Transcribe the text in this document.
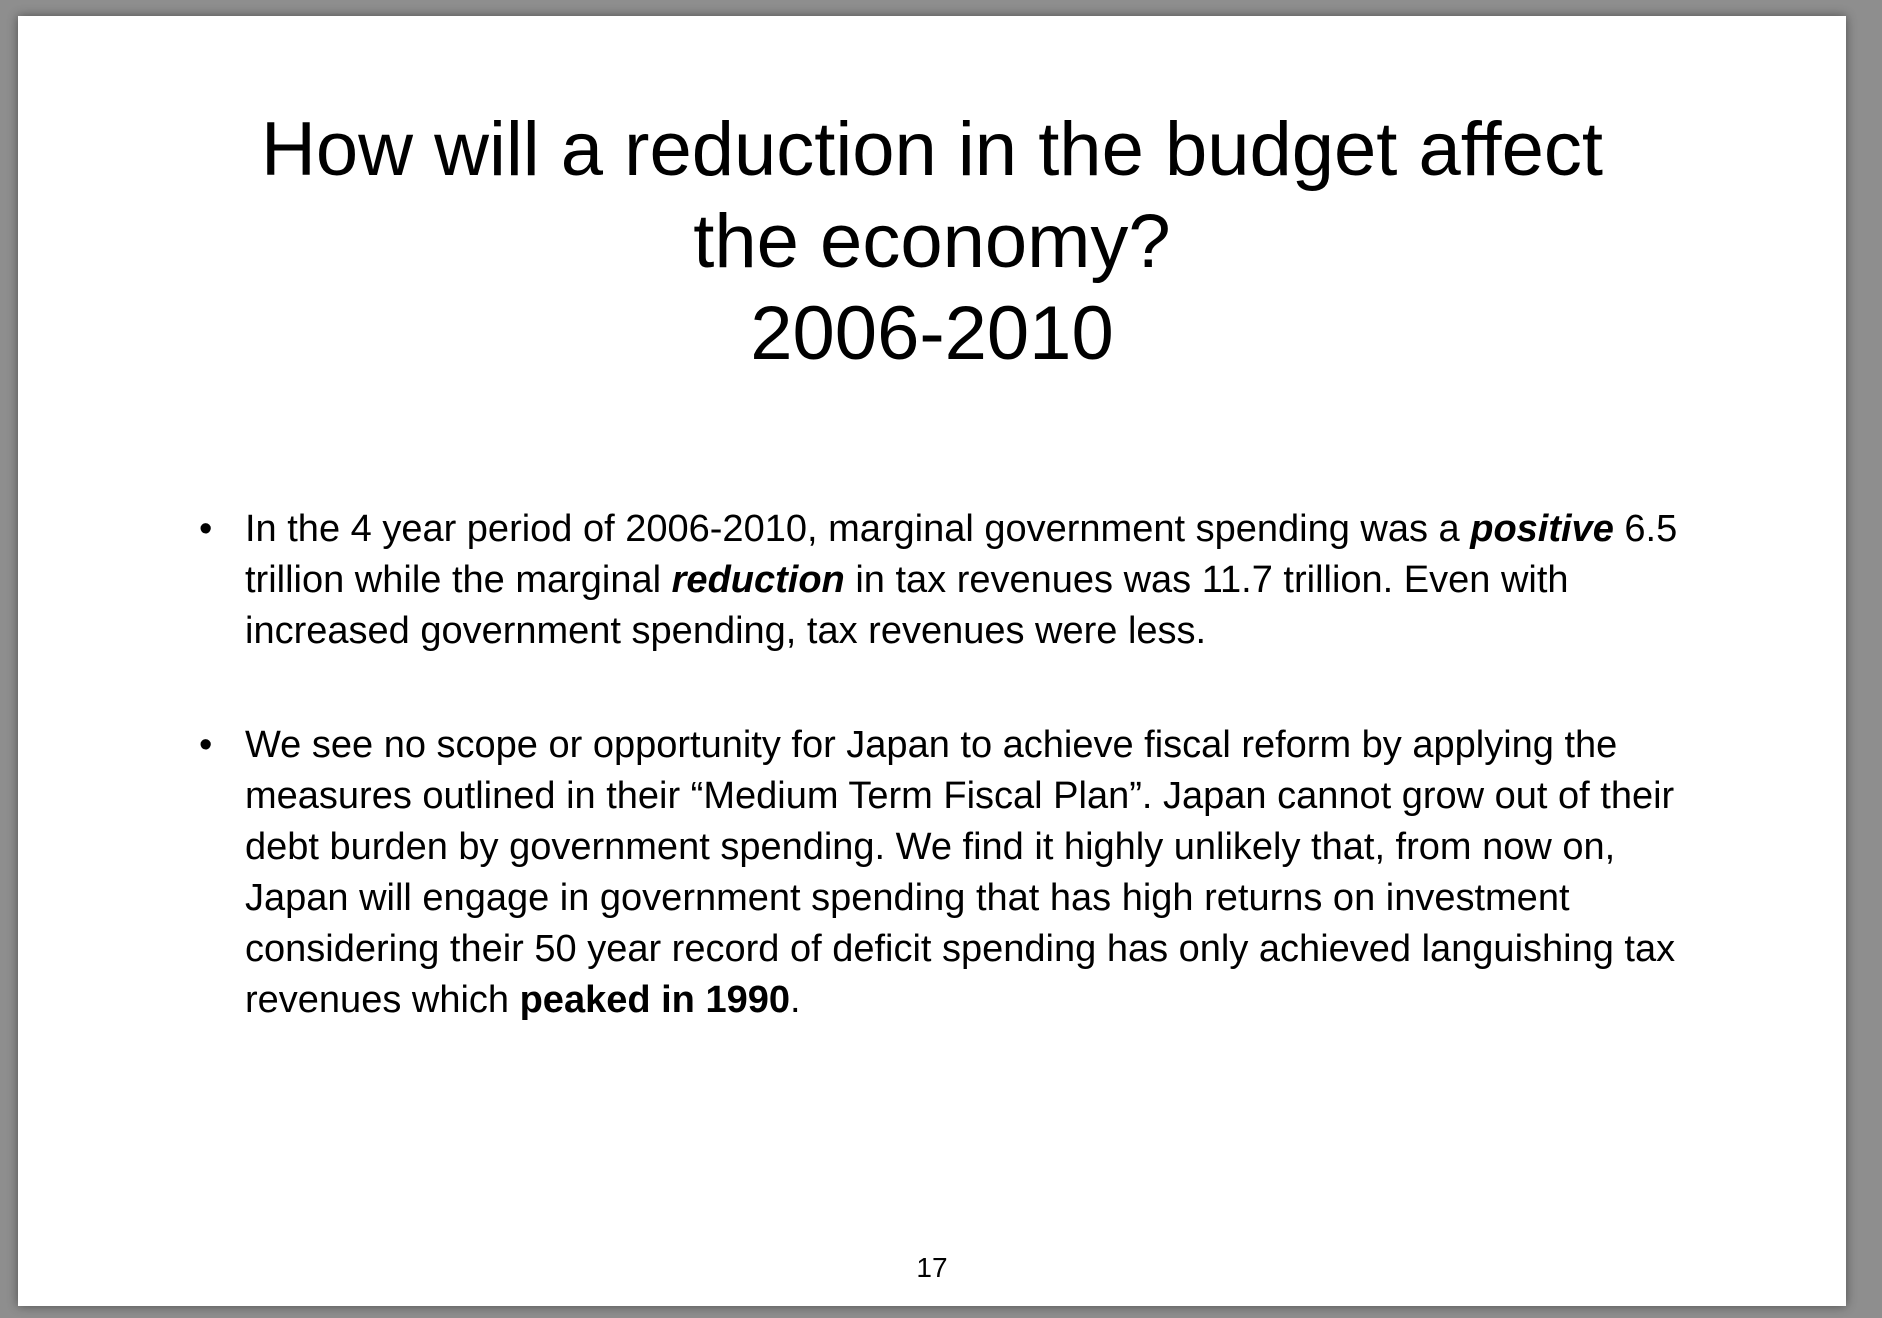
How will a reduction in the budget affect
the economy?
2006-2010
• In the 4 year period of 2006-2010, marginal government spending was a positive 6.5 trillion while the marginal reduction in tax revenues was 11.7 trillion. Even with increased government spending, tax revenues were less.
• We see no scope or opportunity for Japan to achieve fiscal reform by applying the measures outlined in their “Medium Term Fiscal Plan”. Japan cannot grow out of their debt burden by government spending. We find it highly unlikely that, from now on, Japan will engage in government spending that has high returns on investment considering their 50 year record of deficit spending has only achieved languishing tax revenues which peaked in 1990.
17
